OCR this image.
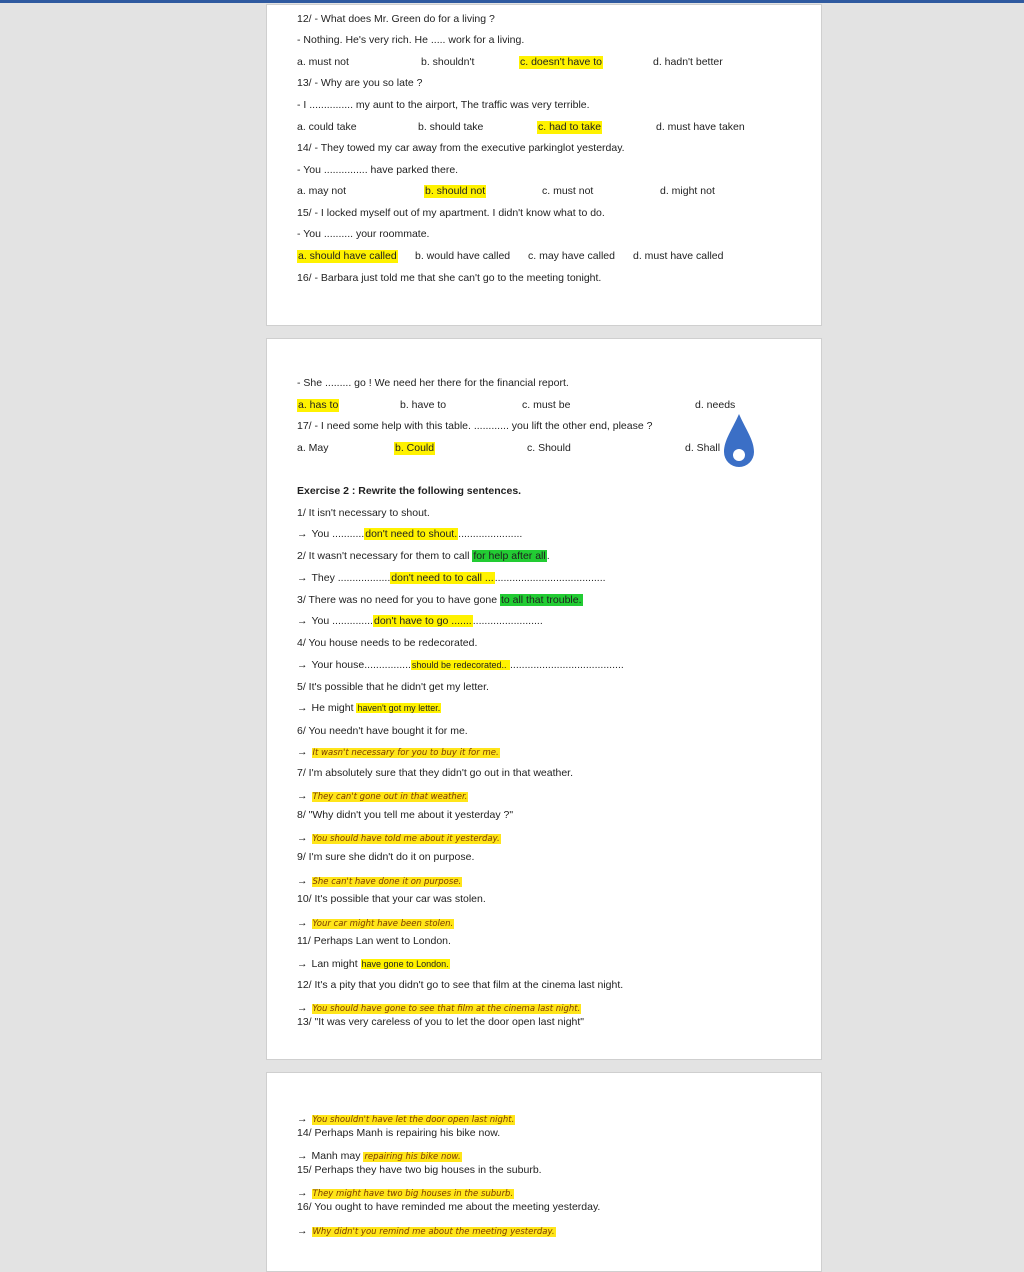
12/ - What does Mr. Green do for a living ?
- Nothing. He's very rich. He ..... work for a living.
a. must not	b. shouldn't	c. doesn't have to	d. hadn't better
13/ - Why are you so late ?
- I ............... my aunt to the airport, The traffic was very terrible.
a. could take	b. should take	c. had to take	d. must have taken
14/ - They towed my car away from the executive parkinglot yesterday.
- You ............... have parked there.
a. may not	b. should not	c. must not	d. might not
15/ - I locked myself out of my apartment. I didn't know what to do.
- You .......... your roommate.
a. should have called b. would have called c. may have called d. must have called
16/ - Barbara just told me that she can't go to the meeting tonight.
- She ......... go ! We need her there for the financial report.
a. has to	b. have to	c. must be	d. needs
17/ - I need some help with this table. ............ you lift the other end, please ?
a. May	b. Could	c. Should	d. Shall
Exercise 2 : Rewrite the following sentences.
1/ It isn't necessary to shout.
→ You ...........don't need to shout.......................
2/ It wasn't necessary for them to call for help after all.
→ They ..................don't need to to call .........................................
3/ There was no need for you to have gone to all that trouble.
→ You ..............don't have to go ...............................
4/ You house needs to be redecorated.
→ Your house................should be redecorated.. .......................................
5/ It's possible that he didn't get my letter.
→ He might haven't got my letter.
6/ You needn't have bought it for me.
→ It wasn't necessary for you to buy it for me.
7/ I'm absolutely sure that they didn't go out in that weather.
→ They can't gone out in that weather.
8/ "Why didn't you tell me about it yesterday ?"
→ You should have told me about it yesterday.
9/ I'm sure she didn't do it on purpose.
→ She can't have done it on purpose.
10/ It's possible that your car was stolen.
→ Your car might have been stolen.
11/ Perhaps Lan went to London.
→ Lan might have gone to London.
12/ It's a pity that you didn't go to see that film at the cinema last night.
→ You should have gone to see that film at the cinema last night.
13/ "It was very careless of you to let the door open last night"
→ You shouldn't have let the door open last night.
14/ Perhaps Manh is repairing his bike now.
→ Manh may repairing his bike now.
15/ Perhaps they have two big houses in the suburb.
→ They might have two big houses in the suburb.
16/ You ought to have reminded me about the meeting yesterday.
→ Why didn't you remind me about the meeting yesterday.
